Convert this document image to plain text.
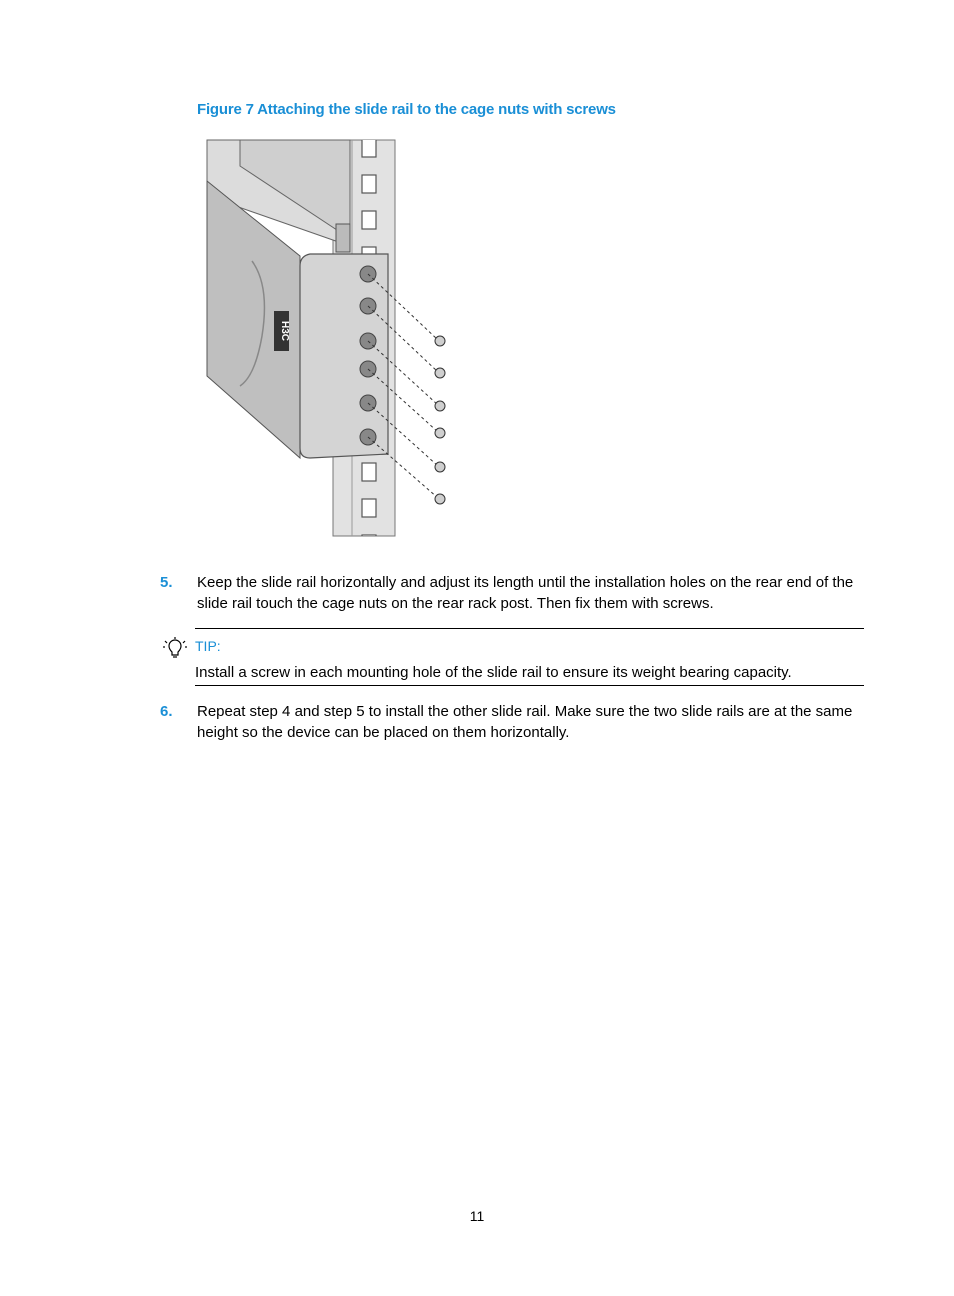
Figure 7 Attaching the slide rail to the cage nuts with screws
H3C
5. Keep the slide rail horizontally and adjust its length until the installation holes on the rear end of the slide rail touch the cage nuts on the rear rack post. Then fix them with screws.
TIP:
Install a screw in each mounting hole of the slide rail to ensure its weight bearing capacity.
6. Repeat step 4 and step 5 to install the other slide rail. Make sure the two slide rails are at the same height so the device can be placed on them horizontally.
11
